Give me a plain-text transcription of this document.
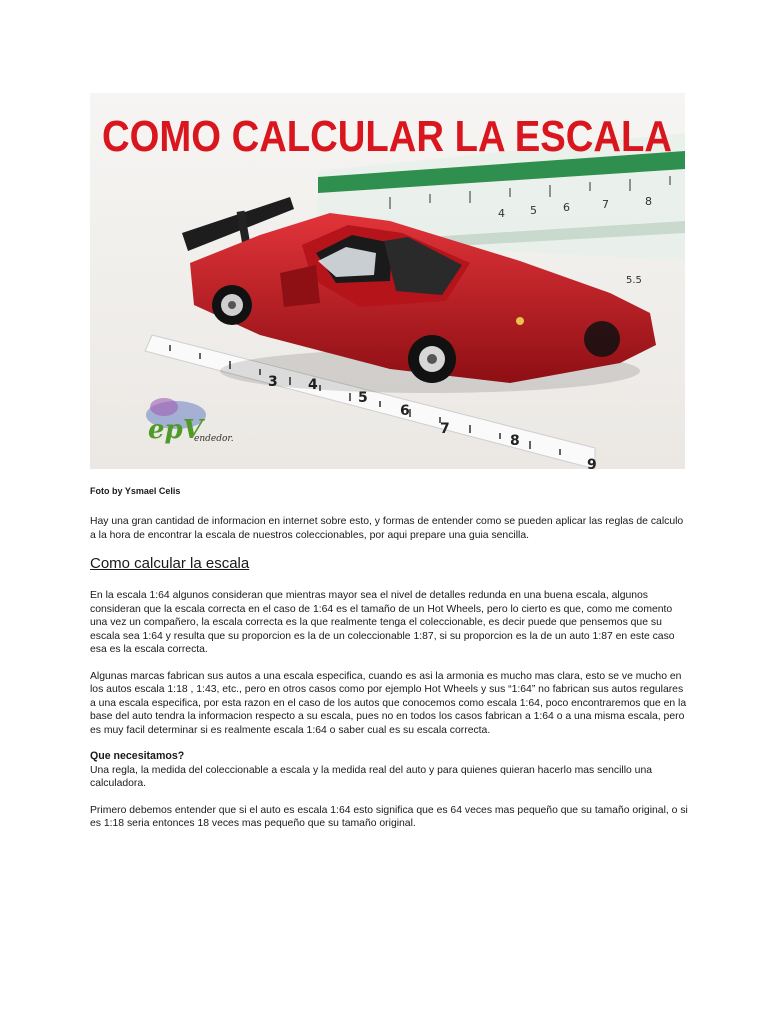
4 5 6	7	8
5.5
3 4
5
6
7
8
9
COMO CALCULAR LA ESCALA
epV
endedor.

Foto by Ysmael Celis

Hay una gran cantidad de informacion en internet sobre esto, y formas de entender como se pueden aplicar las reglas de calculo a la hora de encontrar la escala de nuestros coleccionables, por aqui prepare una guia sencilla.

Como calcular la escala

En la escala 1:64 algunos consideran que mientras mayor sea el nivel de detalles redunda en una buena escala, algunos consideran que la escala correcta en el caso de 1:64 es el tamaño de un Hot Wheels, pero lo cierto es que, como me comento una vez un compañero, la escala correcta es la que realmente tenga el coleccionable, es decir puede que pensemos que su escala sea 1:64 y resulta que su proporcion es la de un coleccionable 1:87, si su proporcion es la de un auto 1:87 en este caso esa es la escala correcta.

Algunas marcas fabrican sus autos a una escala especifica, cuando es asi la armonia es mucho mas clara, esto se ve mucho en los autos escala 1:18 , 1:43, etc., pero en otros casos como por ejemplo Hot Wheels y sus “1:64” no fabrican sus autos regulares a una escala especifica, por esta razon en el caso de los autos que conocemos como escala 1:64, poco encontraremos que en la base del auto tendra la informacion respecto a su escala, pues no en todos los casos fabrican a 1:64 o a una misma escala, pero es muy facil determinar si es realmente escala 1:64 o saber cual es su escala correcta.

Que necesitamos?

Una regla, la medida del coleccionable a escala y la medida real del auto y para quienes quieran hacerlo mas sencillo una calculadora.

Primero debemos entender que si el auto es escala 1:64 esto significa que es 64 veces mas pequeño que su tamaño original, o si es 1:18 seria entonces 18 veces mas pequeño que su tamaño original.
